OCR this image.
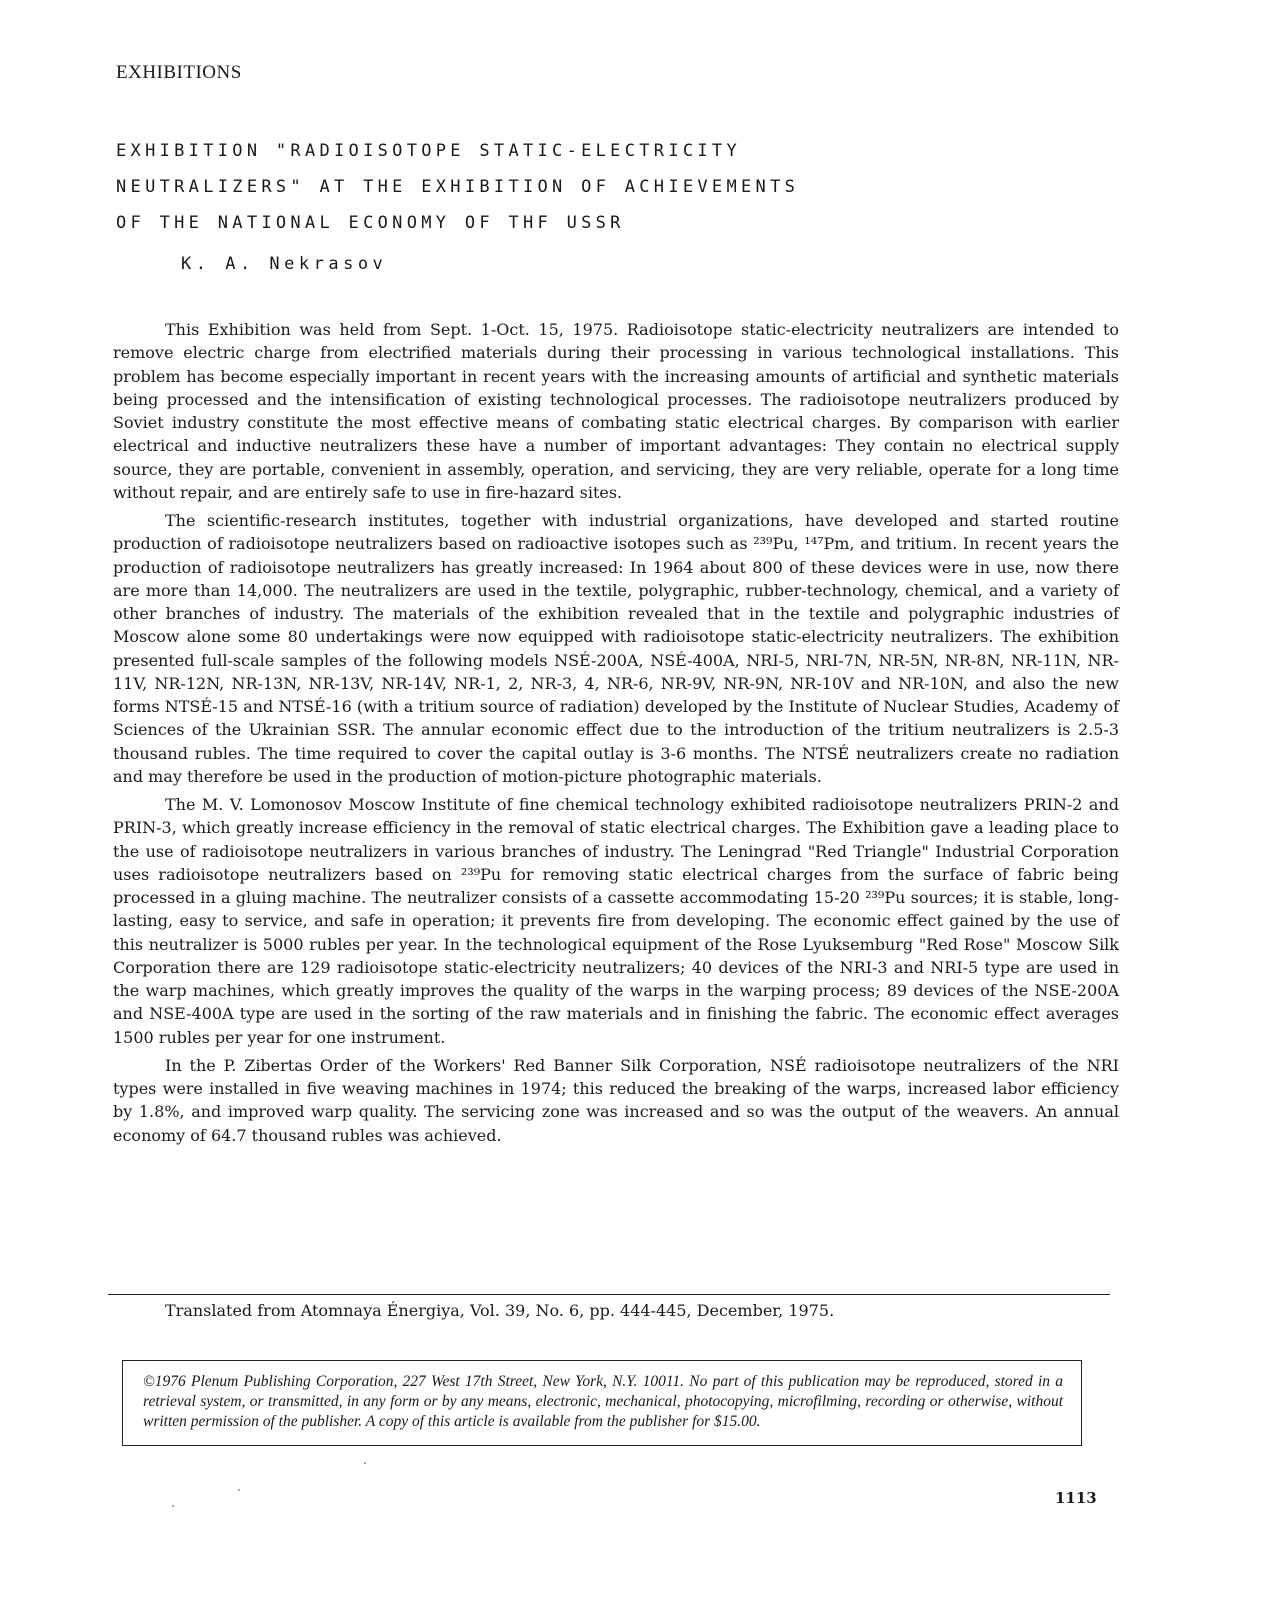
EXHIBITIONS
EXHIBITION "RADIOISOTOPE STATIC-ELECTRICITY
NEUTRALIZERS" AT THE EXHIBITION OF ACHIEVEMENTS
OF THE NATIONAL ECONOMY OF THF USSR
K. A. Nekrasov

This Exhibition was held from Sept. 1-Oct. 15, 1975. Radioisotope static-electricity neutralizers are intended to remove electric charge from electrified materials during their processing in various technological installations. This problem has become especially important in recent years with the increasing amounts of artificial and synthetic materials being processed and the intensification of existing technological processes. The radioisotope neutralizers produced by Soviet industry constitute the most effective means of combating static electrical charges. By comparison with earlier electrical and inductive neutralizers these have a number of important advantages: They contain no electrical supply source, they are portable, convenient in assembly, operation, and servicing, they are very reliable, operate for a long time without repair, and are entirely safe to use in fire-hazard sites.

The scientific-research institutes, together with industrial organizations, have developed and started routine production of radioisotope neutralizers based on radioactive isotopes such as ²³⁹Pu, ¹⁴⁷Pm, and tritium. In recent years the production of radioisotope neutralizers has greatly increased: In 1964 about 800 of these devices were in use, now there are more than 14,000. The neutralizers are used in the textile, polygraphic, rubber-technology, chemical, and a variety of other branches of industry. The materials of the exhibition revealed that in the textile and polygraphic industries of Moscow alone some 80 undertakings were now equipped with radioisotope static-electricity neutralizers. The exhibition presented full-scale samples of the following models NSÉ-200A, NSÉ-400A, NRI-5, NRI-7N, NR-5N, NR-8N, NR-11N, NR-11V, NR-12N, NR-13N, NR-13V, NR-14V, NR-1, 2, NR-3, 4, NR-6, NR-9V, NR-9N, NR-10V and NR-10N, and also the new forms NTSÉ-15 and NTSÉ-16 (with a tritium source of radiation) developed by the Institute of Nuclear Studies, Academy of Sciences of the Ukrainian SSR. The annular economic effect due to the introduction of the tritium neutralizers is 2.5-3 thousand rubles. The time required to cover the capital outlay is 3-6 months. The NTSÉ neutralizers create no radiation and may therefore be used in the production of motion-picture photographic materials.

The M. V. Lomonosov Moscow Institute of fine chemical technology exhibited radioisotope neutralizers PRIN-2 and PRIN-3, which greatly increase efficiency in the removal of static electrical charges. The Exhibition gave a leading place to the use of radioisotope neutralizers in various branches of industry. The Leningrad "Red Triangle" Industrial Corporation uses radioisotope neutralizers based on ²³⁹Pu for removing static electrical charges from the surface of fabric being processed in a gluing machine. The neutralizer consists of a cassette accommodating 15-20 ²³⁹Pu sources; it is stable, long-lasting, easy to service, and safe in operation; it prevents fire from developing. The economic effect gained by the use of this neutralizer is 5000 rubles per year. In the technological equipment of the Rose Lyuksemburg "Red Rose" Moscow Silk Corporation there are 129 radioisotope static-electricity neutralizers; 40 devices of the NRI-3 and NRI-5 type are used in the warp machines, which greatly improves the quality of the warps in the warping process; 89 devices of the NSE-200A and NSE-400A type are used in the sorting of the raw materials and in finishing the fabric. The economic effect averages 1500 rubles per year for one instrument.

In the P. Zibertas Order of the Workers' Red Banner Silk Corporation, NSÉ radioisotope neutralizers of the NRI types were installed in five weaving machines in 1974; this reduced the breaking of the warps, increased labor efficiency by 1.8%, and improved warp quality. The servicing zone was increased and so was the output of the weavers. An annual economy of 64.7 thousand rubles was achieved.

Translated from Atomnaya Énergiya, Vol. 39, No. 6, pp. 444-445, December, 1975.
©1976 Plenum Publishing Corporation, 227 West 17th Street, New York, N.Y. 10011. No part of this publication may be reproduced, stored in a retrieval system, or transmitted, in any form or by any means, electronic, mechanical, photocopying, microfilming, recording or otherwise, without written permission of the publisher. A copy of this article is available from the publisher for $15.00.
1113
